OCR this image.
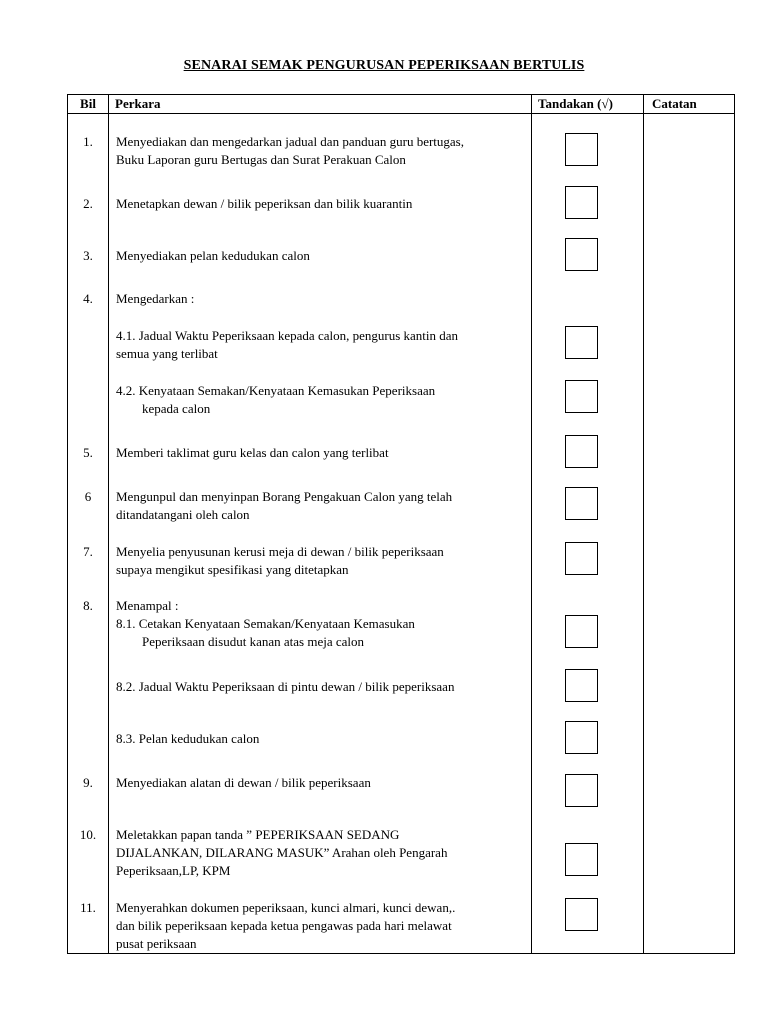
SENARAI SEMAK PENGURUSAN PEPERIKSAAN BERTULIS
Bil	Perkara	Tandakan (√)	Catatan
1.	Menyediakan dan mengedarkan jadual dan panduan guru bertugas,
Buku Laporan guru Bertugas dan Surat Perakuan Calon
2.	Menetapkan dewan / bilik peperiksan dan bilik kuarantin
3.	Menyediakan pelan kedudukan calon
4.	Mengedarkan :
4.1. Jadual Waktu Peperiksaan kepada calon, pengurus kantin dan
semua yang terlibat
4.2. Kenyataan Semakan/Kenyataan Kemasukan Peperiksaan
kepada calon
5.	Memberi taklimat guru kelas dan calon yang terlibat
6	Mengunpul dan menyinpan Borang Pengakuan Calon yang telah
ditandatangani oleh calon
7.	Menyelia penyusunan kerusi meja di dewan / bilik peperiksaan
supaya mengikut spesifikasi yang ditetapkan
8.	Menampal :
8.1. Cetakan Kenyataan Semakan/Kenyataan Kemasukan
Peperiksaan disudut kanan atas meja calon
8.2. Jadual Waktu Peperiksaan di pintu dewan / bilik peperiksaan
8.3. Pelan kedudukan calon
9.	Menyediakan alatan di dewan / bilik peperiksaan
10.	Meletakkan papan tanda ” PEPERIKSAAN SEDANG
DIJALANKAN, DILARANG MASUK” Arahan oleh Pengarah
Peperiksaan,LP, KPM
11.	Menyerahkan dokumen peperiksaan, kunci almari, kunci dewan,.
dan bilik peperiksaan kepada ketua pengawas pada hari melawat
pusat periksaan
